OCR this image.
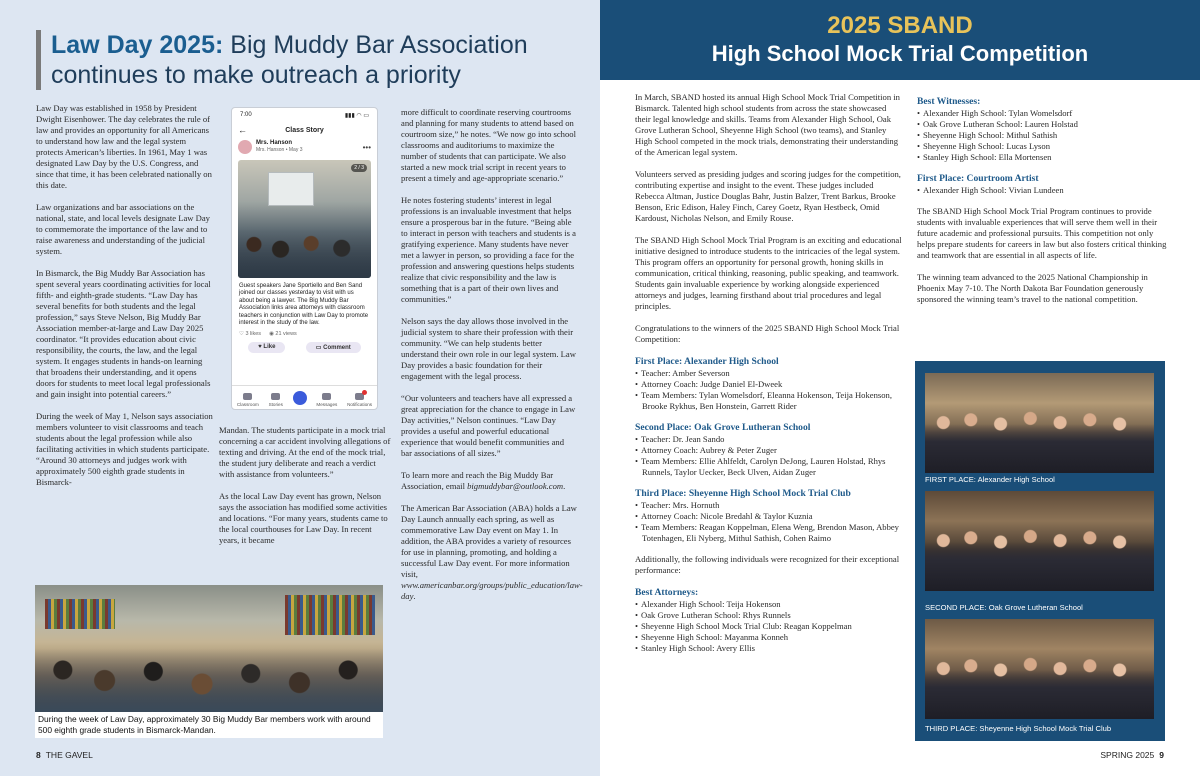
Law Day 2025: Big Muddy Bar Association
continues to make outreach a priority

Law Day was established in 1958 by President Dwight Eisenhower. The day celebrates the rule of law and provides an opportunity for all Americans to understand how law and the legal system protects American’s liberties. In 1961, May 1 was designated Law Day by the U.S. Congress, and since that time, it has been celebrated nationally on this date.

Law organizations and bar associations on the national, state, and local levels designate Law Day to commemorate the importance of the law and to raise awareness and understanding of the judicial system.

In Bismarck, the Big Muddy Bar Association has spent several years coordinating activities for local fifth- and eighth-grade students. “Law Day has several benefits for both students and the legal profession,” says Steve Nelson, Big Muddy Bar Association member-at-large and Law Day 2025 coordinator. “It provides education about civic responsibility, the courts, the law, and the legal system. It engages students in hands-on learning that broadens their understanding, and it opens doors for students to meet local legal professionals and gain insight into potential careers.”

During the week of May 1, Nelson says association members volunteer to visit classrooms and teach students about the legal profession while also facilitating activities in which students participate. “Around 30 attorneys and judges work with approximately 500 eighth grade students in Bismarck-

7:00	▮▮▮ ◠ ▭
←	Class Story
Mrs. Hanson
Mrs. Hanson • May 3	•••
2 / 3
Guest speakers Jane Sportiello and Ben Sand joined our classes yesterday to visit with us about being a lawyer. The Big Muddy Bar Association links area attorneys with classroom teachers in conjunction with Law Day to promote interest in the study of the law.
♡ 3 likes ◉ 21 views
♥ Like	▭ Comment
Classroom Stories	Messages Notifications

Mandan. The students participate in a mock trial concerning a car accident involving allegations of texting and driving. At the end of the mock trial, the student jury deliberate and reach a verdict with assistance from volunteers.”

As the local Law Day event has grown, Nelson says the association has modified some activities and locations. “For many years, students came to the local courthouses for Law Day. In recent years, it became

more difficult to coordinate reserving courtrooms and planning for many students to attend based on courtroom size,” he notes. “We now go into school classrooms and auditoriums to maximize the number of students that can participate. We also started a new mock trial script in recent years to present a timely and age-appropriate scenario.”

He notes fostering students’ interest in legal professions is an invaluable investment that helps ensure a prosperous bar in the future. “Being able to interact in person with teachers and students is a gratifying experience. Many students have never met a lawyer in person, so providing a face for the profession and answering questions helps students realize that civic responsibility and the law is something that is a part of their own lives and communities.”

Nelson says the day allows those involved in the judicial system to share their profession with their community. “We can help students better understand their own role in our legal system. Law Day provides a basic foundation for their engagement with the legal process.

“Our volunteers and teachers have all expressed a great appreciation for the chance to engage in Law Day activities,” Nelson continues. “Law Day provides a useful and powerful educational experience that would benefit communities and bar associations of all sizes.”

To learn more and reach the Big Muddy Bar Association, email bigmuddybar@outlook.com.

The American Bar Association (ABA) holds a Law Day Launch annually each spring, as well as commemorative Law Day event on May 1. In addition, the ABA provides a variety of resources for use in planning, promoting, and holding a successful Law Day event. For more information visit, www.americanbar.org/groups/public_education/law-day.

During the week of Law Day, approximately 30 Big Muddy Bar members work with around 500 eighth grade students in Bismarck-Mandan.
8 THE GAVEL
2025 SBAND
High School Mock Trial Competition

In March, SBAND hosted its annual High School Mock Trial Competition in Bismarck. Talented high school students from across the state showcased their legal knowledge and skills. Teams from Alexander High School, Oak Grove Lutheran School, Sheyenne High School (two teams), and Stanley High School competed in the mock trials, demonstrating their understanding of the American legal system.

Volunteers served as presiding judges and scoring judges for the competition, contributing expertise and insight to the event. These judges included Rebecca Altman, Justice Douglas Bahr, Justin Balzer, Trent Barkus, Brooke Benson, Eric Edison, Haley Finch, Carey Goetz, Ryan Hestbeck, Omid Kardoust, Nicholas Nelson, and Emily Rouse.

The SBAND High School Mock Trial Program is an exciting and educational initiative designed to introduce students to the intricacies of the legal system. This program offers an opportunity for personal growth, honing skills in communication, critical thinking, reasoning, public speaking, and teamwork. Students gain invaluable experience by working alongside experienced attorneys and judges, learning firsthand about trial procedures and legal principles.

Congratulations to the winners of the 2025 SBAND High School Mock Trial Competition:

First Place: Alexander High School
• Teacher: Amber Severson
• Attorney Coach: Judge Daniel El-Dweek
• Team Members: Tylan Womelsdorf, Eleanna Hokenson, Teija Hokenson, Brooke Rykhus, Ben Honstein, Garrett Rider
Second Place: Oak Grove Lutheran School
• Teacher: Dr. Jean Sando
• Attorney Coach: Aubrey & Peter Zuger
• Team Members: Ellie Ahlfeldt, Carolyn DeJong, Lauren Holstad, Rhys Runnels, Taylor Uecker, Beck Ulven, Aidan Zuger
Third Place: Sheyenne High School Mock Trial Club
• Teacher: Mrs. Hornuth
• Attorney Coach: Nicole Bredahl & Taylor Kuznia
• Team Members: Reagan Koppelman, Elena Weng, Brendon Mason, Abbey Totenhagen, Eli Nyberg, Mithul Sathish, Cohen Raimo

Additionally, the following individuals were recognized for their exceptional performance:

Best Attorneys:
• Alexander High School: Teija Hokenson
• Oak Grove Lutheran School: Rhys Runnels
• Sheyenne High School Mock Trial Club: Reagan Koppelman
• Sheyenne High School: Mayanma Konneh
• Stanley High School: Avery Ellis
Best Witnesses:
• Alexander High School: Tylan Womelsdorf
• Oak Grove Lutheran School: Lauren Holstad
• Sheyenne High School: Mithul Sathish
• Sheyenne High School: Lucas Lyson
• Stanley High School: Ella Mortensen
First Place: Courtroom Artist
• Alexander High School: Vivian Lundeen

The SBAND High School Mock Trial Program continues to provide students with invaluable experiences that will serve them well in their future academic and professional pursuits. This competition not only helps prepare students for careers in law but also fosters critical thinking and teamwork that are essential in all aspects of life.

The winning team advanced to the 2025 National Championship in Phoenix May 7-10. The North Dakota Bar Foundation generously sponsored the winning team’s travel to the national competition.

SPRING 2025 9
FIRST PLACE: Alexander High School
SECOND PLACE: Oak Grove Lutheran School
THIRD PLACE: Sheyenne High School Mock Trial Club
